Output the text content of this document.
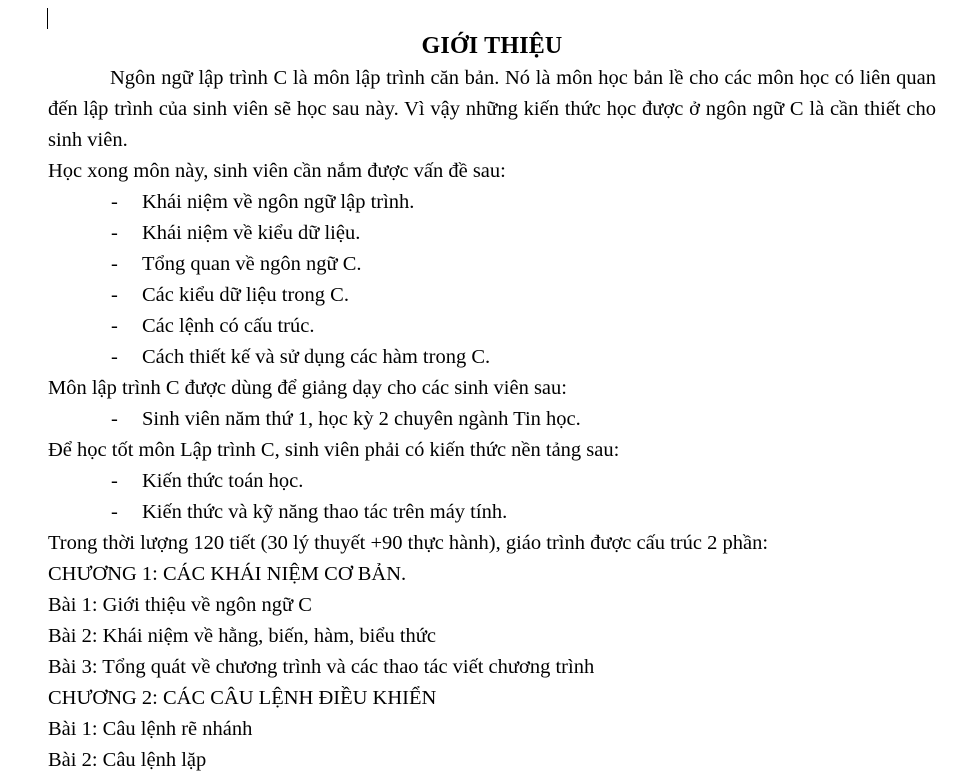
GIỚI THIỆU

Ngôn ngữ lập trình C là môn lập trình căn bản. Nó là môn học bản lề cho các môn học có liên quan đến lập trình của sinh viên sẽ học sau này. Vì vậy những kiến thức học được ở ngôn ngữ C là cần thiết cho sinh viên.

Học xong môn này, sinh viên cần nắm được vấn đề sau:
- Khái niệm về ngôn ngữ lập trình.
- Khái niệm về kiểu dữ liệu.
- Tổng quan về ngôn ngữ C.
- Các kiểu dữ liệu trong C.
- Các lệnh có cấu trúc.
- Cách thiết kế và sử dụng các hàm trong C.
Môn lập trình C được dùng để giảng dạy cho các sinh viên sau:
- Sinh viên năm thứ 1, học kỳ 2 chuyên ngành Tin học.
Để học tốt môn Lập trình C, sinh viên phải có kiến thức nền tảng sau:
- Kiến thức toán học.
- Kiến thức và kỹ năng thao tác trên máy tính.
Trong thời lượng 120 tiết (30 lý thuyết +90 thực hành), giáo trình được cấu trúc 2 phần:
CHƯƠNG 1: CÁC KHÁI NIỆM CƠ BẢN.
Bài 1: Giới thiệu về ngôn ngữ C
Bài 2: Khái niệm về hằng, biến, hàm, biểu thức
Bài 3: Tổng quát về chương trình và các thao tác viết chương trình
CHƯƠNG 2: CÁC CÂU LỆNH ĐIỀU KHIỂN
Bài 1: Câu lệnh rẽ nhánh
Bài 2: Câu lệnh lặp
